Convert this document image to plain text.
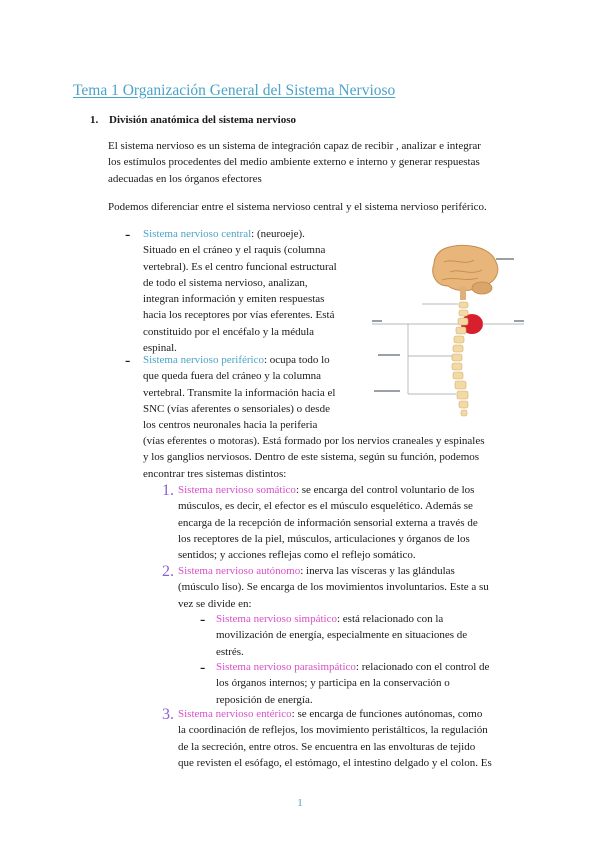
Tema 1 Organización General del Sistema Nervioso
1. División anatómica del sistema nervioso

El sistema nervioso es un sistema de integración capaz de recibir , analizar e integrar

los estímulos procedentes del medio ambiente externo e interno y generar respuestas

adecuadas en los órganos efectores

Podemos diferenciar entre el sistema nervioso central y el sistema nervioso periférico.

- Sistema nervioso central: (neuroeje).

Situado en el cráneo y el raquis (columna

vertebral). Es el centro funcional estructural

de todo el sistema nervioso, analizan,

integran información y emiten respuestas

hacia los receptores por vías eferentes. Está

constituido por el encéfalo y la médula

espinal.

- Sistema nervioso periférico: ocupa todo lo

que queda fuera del cráneo y la columna

vertebral. Transmite la información hacia el

SNC (vías aferentes o sensoriales) o desde

los centros neuronales hacia la periferia

(vías eferentes o motoras). Está formado por los nervios craneales y espinales

y los ganglios nerviosos. Dentro de este sistema, según su función, podemos

encontrar tres sistemas distintos:

1. Sistema nervioso somático: se encarga del control voluntario de los

músculos, es decir, el efector es el músculo esquelético. Además se

encarga de la recepción de información sensorial externa a través de

los receptores de la piel, músculos, articulaciones y órganos de los

sentidos; y acciones reflejas como el reflejo somático.

2. Sistema nervioso autónomo: inerva las vísceras y las glándulas

(músculo liso). Se encarga de los movimientos involuntarios. Este a su

vez se divide en:

- Sistema nervioso simpático: está relacionado con la

movilización de energía, especialmente en situaciones de

estrés.

- Sistema nervioso parasimpático: relacionado con el control de

los órganos internos; y participa en la conservación o

reposición de energía.

3. Sistema nervioso entérico: se encarga de funciones autónomas, como

la coordinación de reflejos, los movimiento peristálticos, la regulación

de la secreción, entre otros. Se encuentra en las envolturas de tejido

que revisten el esófago, el estómago, el intestino delgado y el colon. Es

1
